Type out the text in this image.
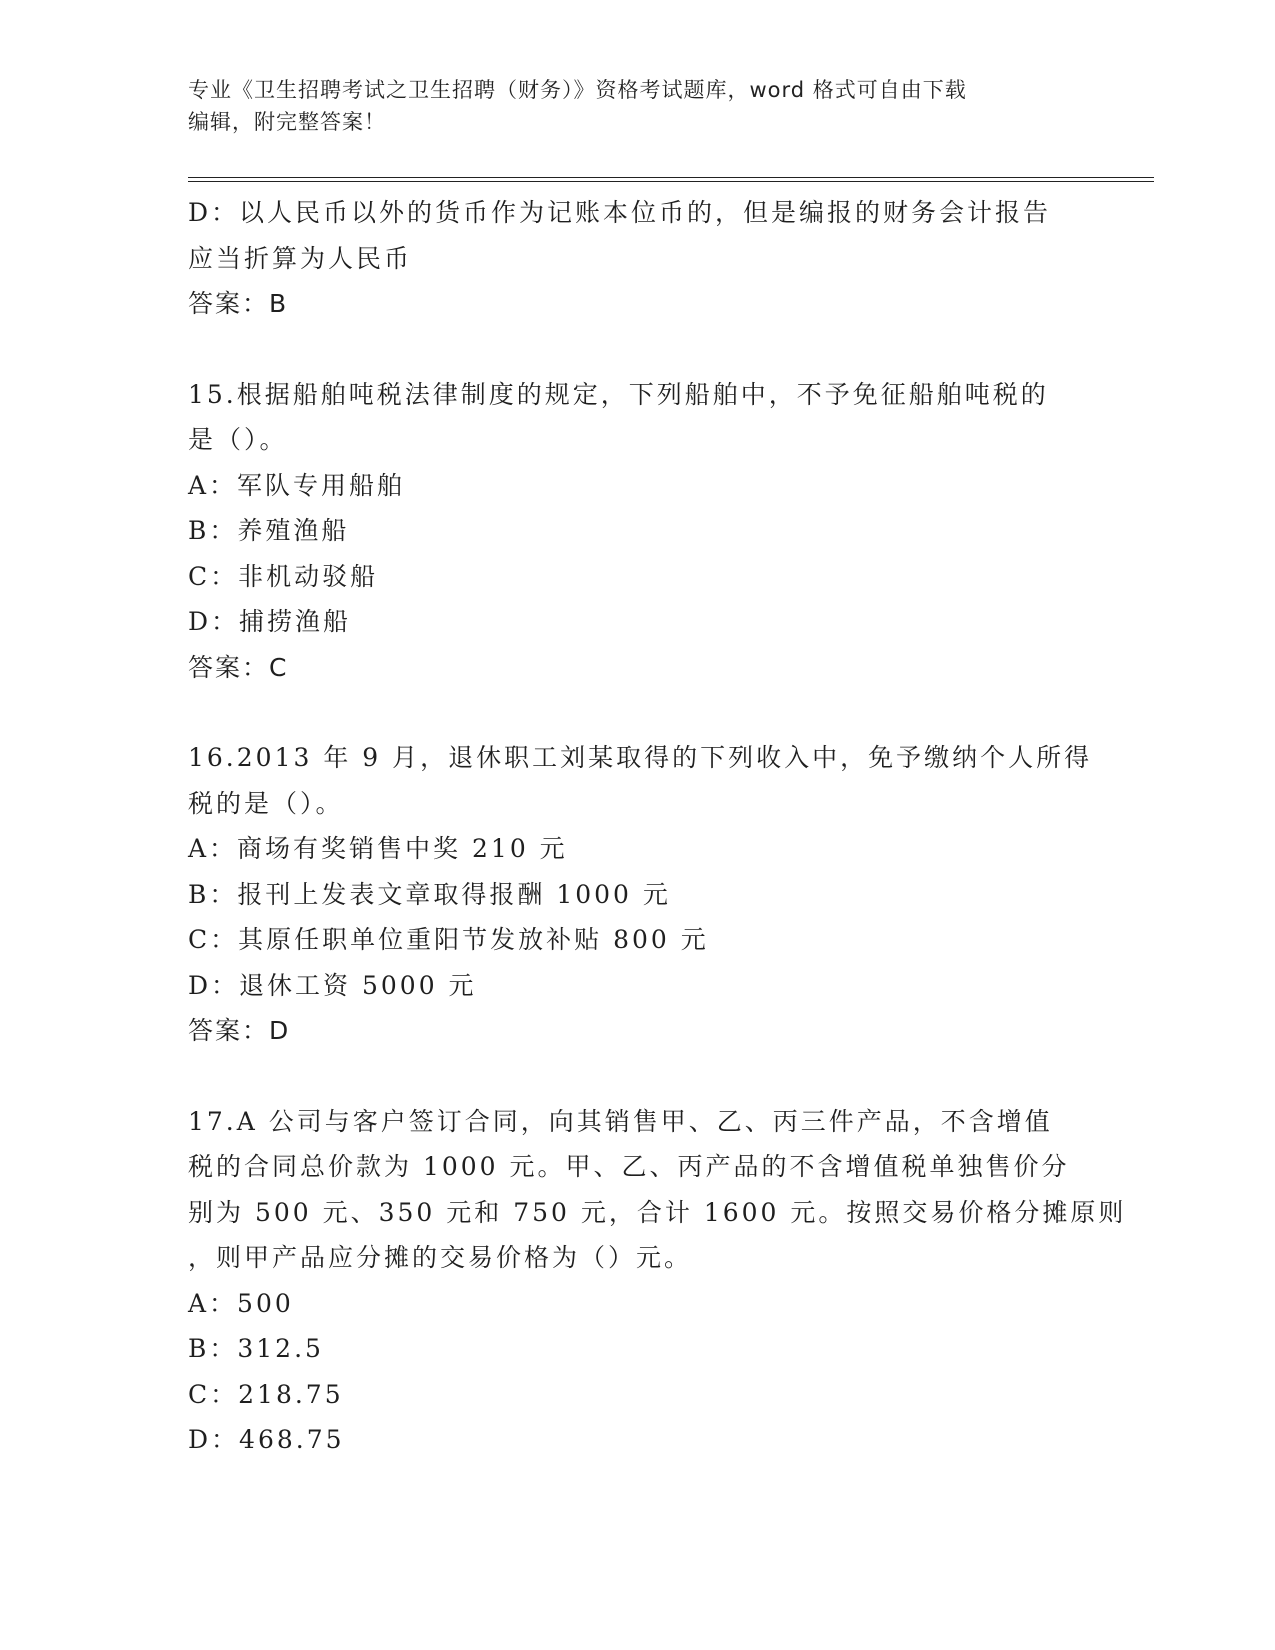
专业《卫生招聘考试之卫生招聘（财务）》资格考试题库，word 格式可自由下载
编辑，附完整答案！
D：以人民币以外的货币作为记账本位币的，但是编报的财务会计报告
应当折算为人民币
答案：B
15.根据船舶吨税法律制度的规定，下列船舶中，不予免征船舶吨税的
是（）。
A：军队专用船舶
B：养殖渔船
C：非机动驳船
D：捕捞渔船
答案：C
16.2013 年 9 月，退休职工刘某取得的下列收入中，免予缴纳个人所得
税的是（）。
A：商场有奖销售中奖 210 元
B：报刊上发表文章取得报酬 1000 元
C：其原任职单位重阳节发放补贴 800 元
D：退休工资 5000 元
答案：D
17.A 公司与客户签订合同，向其销售甲、乙、丙三件产品，不含增值
税的合同总价款为 1000 元。甲、乙、丙产品的不含增值税单独售价分
别为 500 元、350 元和 750 元，合计 1600 元。按照交易价格分摊原则
，则甲产品应分摊的交易价格为（）元。
A：500
B：312.5
C：218.75
D：468.75
